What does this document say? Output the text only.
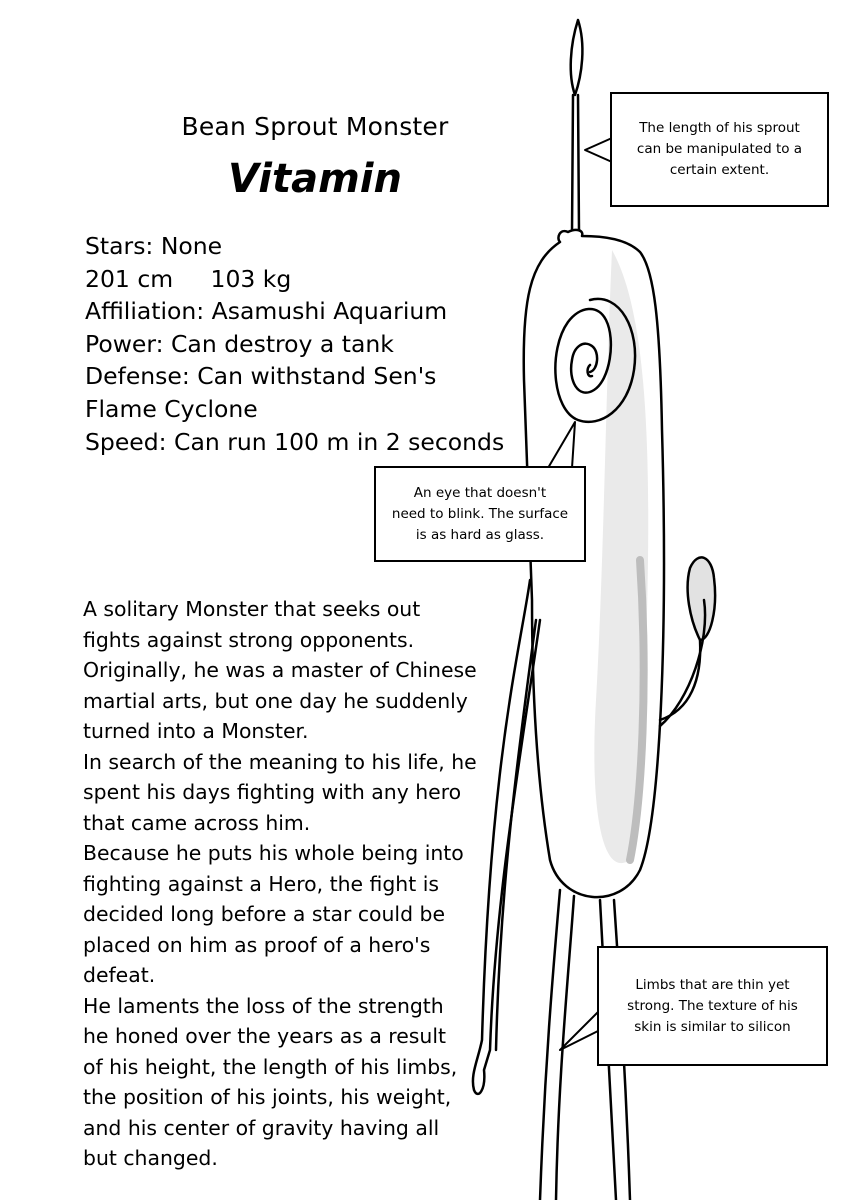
Bean Sprout Monster
Vitamin
Stars: None
201 cm     103 kg
Affiliation: Asamushi Aquarium
Power: Can destroy a tank
Defense: Can withstand Sen's
Flame Cyclone
Speed: Can run 100 m in 2 seconds
A solitary Monster that seeks out
fights against strong opponents.
Originally, he was a master of Chinese
martial arts, but one day he suddenly
turned into a Monster.
In search of the meaning to his life, he
spent his days fighting with any hero
that came across him.
Because he puts his whole being into
fighting against a Hero, the fight is
decided long before a star could be
placed on him as proof of a hero's
defeat.
He laments the loss of the strength
he honed over the years as a result
of his height, the length of his limbs,
the position of his joints, his weight,
and his center of gravity having all
but changed.
The length of his sprout
can be manipulated to a
certain extent.
An eye that doesn't
need to blink. The surface
is as hard as glass.
Limbs that are thin yet
strong. The texture of his
skin is similar to silicon
